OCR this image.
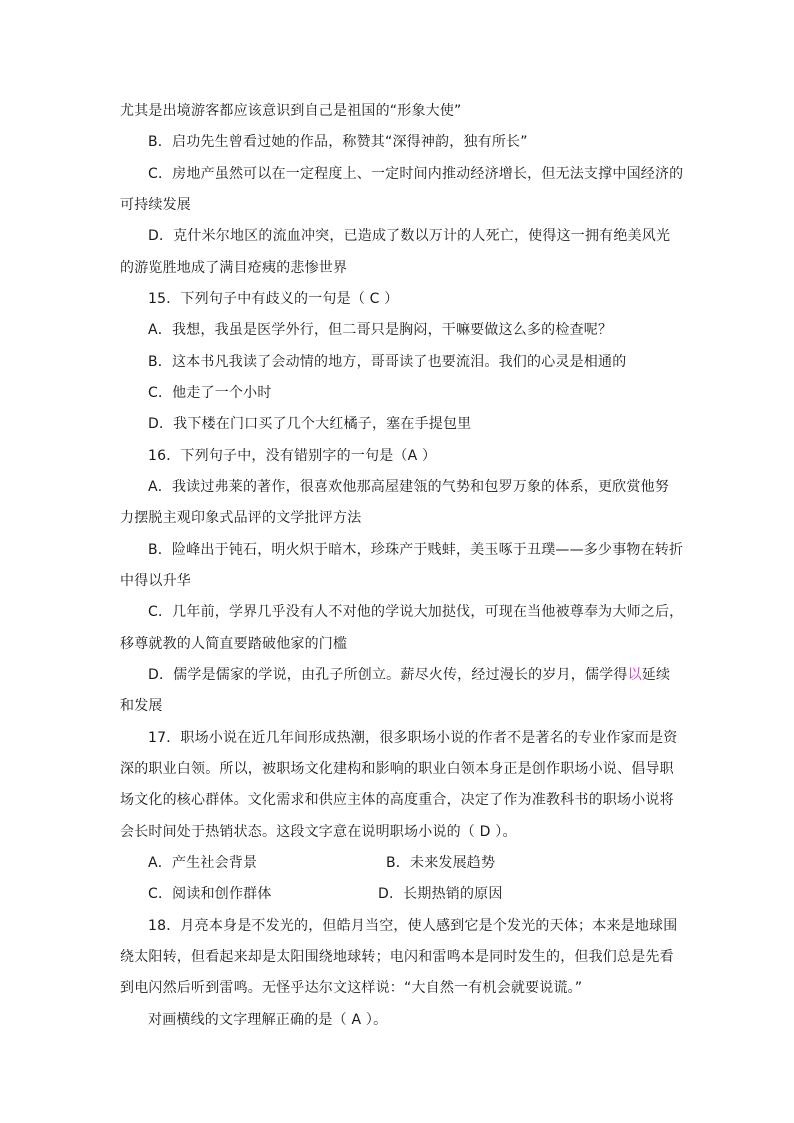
尤其是出境游客都应该意识到自己是祖国的“形象大使”
B．启功先生曾看过她的作品，称赞其“深得神韵，独有所长”
C．房地产虽然可以在一定程度上、一定时间内推动经济增长，但无法支撑中国经济的
可持续发展
D．克什米尔地区的流血冲突，已造成了数以万计的人死亡，使得这一拥有绝美风光
的游览胜地成了满目疮痍的悲惨世界
15．下列句子中有歧义的一句是（ C ）
A．我想，我虽是医学外行，但二哥只是胸闷，干嘛要做这么多的检查呢？
B．这本书凡我读了会动情的地方，哥哥读了也要流泪。我们的心灵是相通的
C．他走了一个小时
D．我下楼在门口买了几个大红橘子，塞在手提包里
16．下列句子中，没有错别字的一句是（A ）
A．我读过弗莱的著作，很喜欢他那高屋建瓴的气势和包罗万象的体系，更欣赏他努
力摆脱主观印象式品评的文学批评方法
B．险峰出于钝石，明火炽于暗木，珍珠产于贱蚌，美玉啄于丑璞——多少事物在转折
中得以升华
C．几年前，学界几乎没有人不对他的学说大加挞伐，可现在当他被尊奉为大师之后，
移尊就教的人简直要踏破他家的门槛
D．儒学是儒家的学说，由孔子所创立。薪尽火传，经过漫长的岁月，儒学得以延续
和发展
17．职场小说在近几年间形成热潮，很多职场小说的作者不是著名的专业作家而是资
深的职业白领。所以，被职场文化建构和影响的职业白领本身正是创作职场小说、倡导职
场文化的核心群体。文化需求和供应主体的高度重合，决定了作为准教科书的职场小说将
会长时间处于热销状态。这段文字意在说明职场小说的（ D ）。
A．产生社会背景	B．未来发展趋势
C．阅读和创作群体	D．长期热销的原因
18．月亮本身是不发光的，但皓月当空，使人感到它是个发光的天体；本来是地球围
绕太阳转，但看起来却是太阳围绕地球转；电闪和雷鸣本是同时发生的，但我们总是先看
到电闪然后听到雷鸣。无怪乎达尔文这样说：“大自然一有机会就要说谎。”
对画横线的文字理解正确的是（ A ）。
